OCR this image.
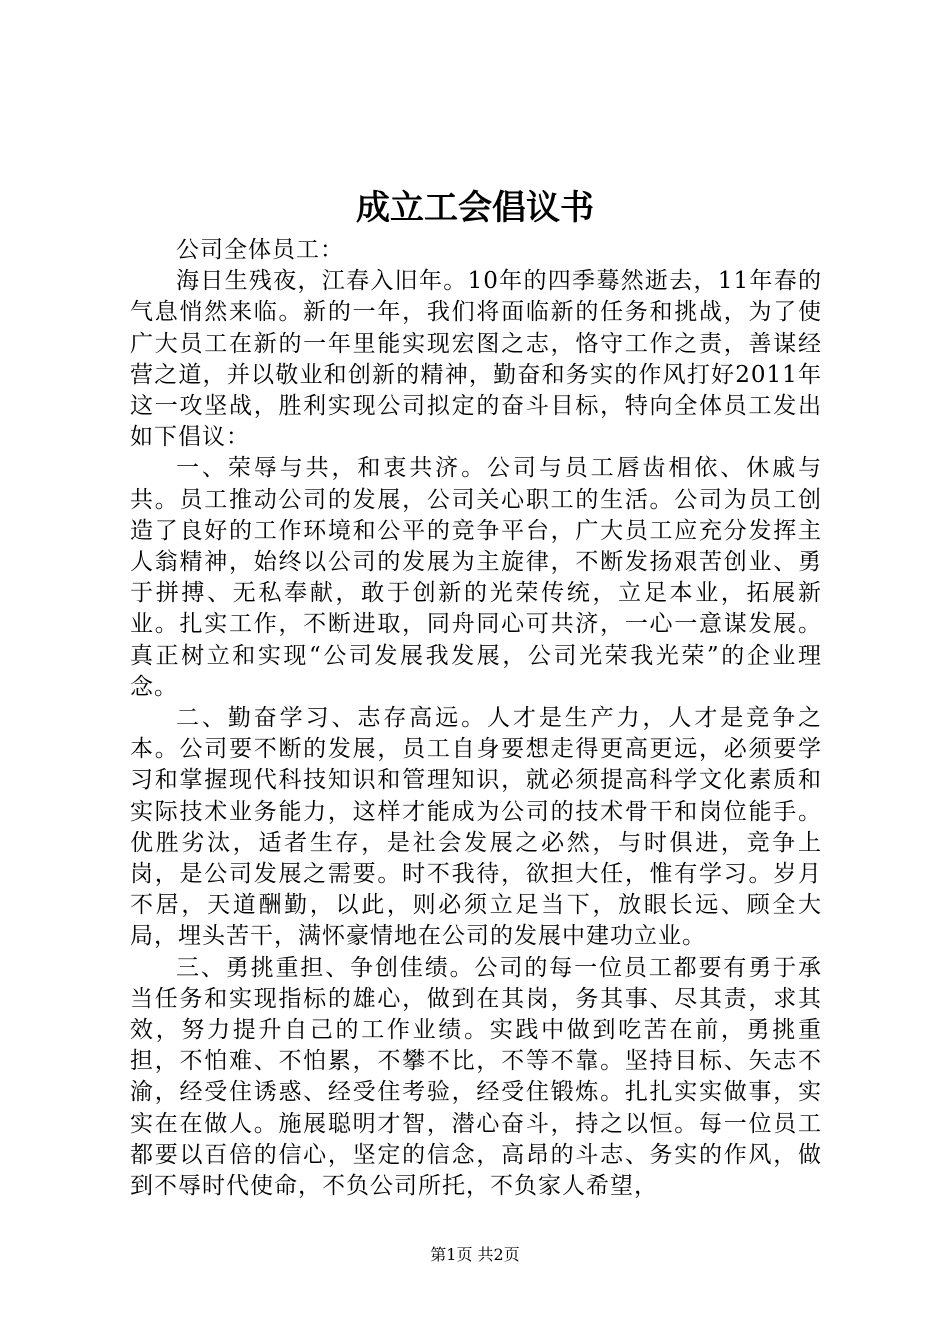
成立工会倡议书

公司全体员工：

海日生残夜，江春入旧年。10年的四季蓦然逝去，11年春的气息悄然来临。新的一年，我们将面临新的任务和挑战，为了使广大员工在新的一年里能实现宏图之志，恪守工作之责，善谋经营之道，并以敬业和创新的精神，勤奋和务实的作风打好2011年这一攻坚战，胜利实现公司拟定的奋斗目标，特向全体员工发出如下倡议：

一、荣辱与共，和衷共济。公司与员工唇齿相依、休戚与共。员工推动公司的发展，公司关心职工的生活。公司为员工创造了良好的工作环境和公平的竞争平台，广大员工应充分发挥主人翁精神，始终以公司的发展为主旋律，不断发扬艰苦创业、勇于拼搏、无私奉献，敢于创新的光荣传统，立足本业，拓展新业。扎实工作，不断进取，同舟同心可共济，一心一意谋发展。真正树立和实现“公司发展我发展，公司光荣我光荣”的企业理念。

二、勤奋学习、志存高远。人才是生产力，人才是竞争之本。公司要不断的发展，员工自身要想走得更高更远，必须要学习和掌握现代科技知识和管理知识，就必须提高科学文化素质和实际技术业务能力，这样才能成为公司的技术骨干和岗位能手。优胜劣汰，适者生存，是社会发展之必然，与时俱进，竞争上岗，是公司发展之需要。时不我待，欲担大任，惟有学习。岁月不居，天道酬勤，以此，则必须立足当下，放眼长远、顾全大局，埋头苦干，满怀豪情地在公司的发展中建功立业。

三、勇挑重担、争创佳绩。公司的每一位员工都要有勇于承当任务和实现指标的雄心，做到在其岗，务其事、尽其责，求其效，努力提升自己的工作业绩。实践中做到吃苦在前，勇挑重担，不怕难、不怕累，不攀不比，不等不靠。坚持目标、矢志不渝，经受住诱惑、经受住考验，经受住锻炼。扎扎实实做事，实实在在做人。施展聪明才智，潜心奋斗，持之以恒。每一位员工都要以百倍的信心，坚定的信念，高昂的斗志、务实的作风，做到不辱时代使命，不负公司所托，不负家人希望，

第1页 共2页
